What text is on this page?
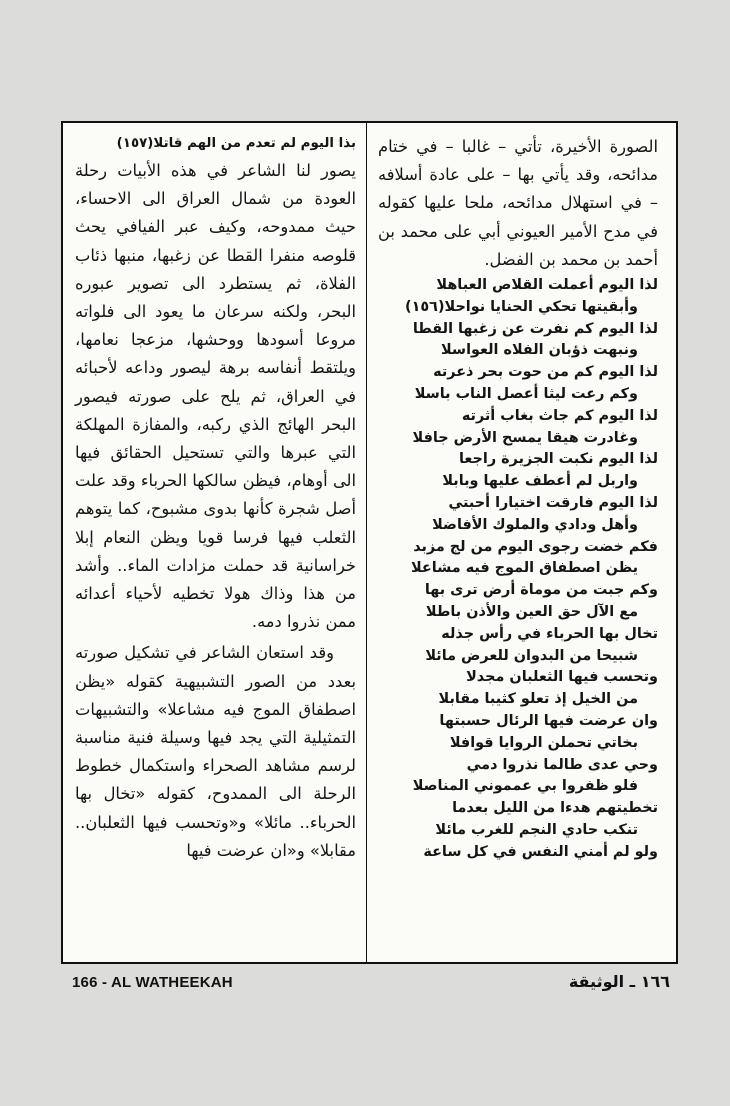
الصورة الأخيرة، تأتي – غالبا – في ختام مدائحه، وقد يأتي بها – على عادة أسلافه – في استهلال مدائحه، ملحا عليها كقوله في مدح الأمير العيوني أبي على محمد بن أحمد بن محمد بن الفضل.

لذا اليوم أعملت القلاص العباهلا

وأبقيتها تحكي الحنايا نواحلا(١٥٦)

لذا اليوم كم نفرت عن زغبها القطا

ونبهت ذؤبان الفلاه العواسلا

لذا اليوم كم من حوت بحر ذعرته

وكم رعت ليثا أعصل الناب باسلا

لذا اليوم كم جاث بغاب أثرته

وغادرت هيقا يمسح الأرض جافلا

لذا اليوم نكبت الجزيرة راجعا

واربل لم أعطف عليها وبابلا

لذا اليوم فارقت اختيارا أحبتي

وأهل ودادي والملوك الأفاضلا

فكم خضت رجوى اليوم من لج مزبد

يظن اصطفاق الموج فيه مشاعلا

وكم جبت من موماة أرض ترى بها

مع الآل حق العين والأذن باطلا

تخال بها الحرباء في رأس جذله

شبيحا من البدوان للعرض مائلا

وتحسب فيها الثعلبان مجدلا

من الخيل إذ تعلو كثيبا مقابلا

وان عرضت فيها الرئال حسبتها

بخاتي تحملن الروايا قوافلا

وحي عدى طالما نذروا دمي

فلو ظفروا بي عمموني المناصلا

تخطيتهم هدءا من الليل بعدما

تنكب حادي النجم للغرب مائلا

ولو لم أمني النفس في كل ساعة

بذا اليوم لم تعدم من الهم قاتلا(١٥٧)

يصور لنا الشاعر في هذه الأبيات رحلة العودة من شمال العراق الى الاحساء، حيث ممدوحه، وكيف عبر الفيافي يحث قلوصه منفرا القطا عن زغبها، منبها ذئاب الفلاة، ثم يستطرد الى تصوير عبوره البحر، ولكنه سرعان ما يعود الى فلواته مروعا أسودها ووحشها، مزعجا نعامها، ويلتقط أنفاسه برهة ليصور وداعه لأحبائه في العراق، ثم يلح على صورته فيصور البحر الهائج الذي ركبه، والمفازة المهلكة التي عبرها والتي تستحيل الحقائق فيها الى أوهام، فيظن سالكها الحرباء وقد علت أصل شجرة كأنها بدوى مشبوح، كما يتوهم الثعلب فيها فرسا قويا ويظن النعام إبلا خراسانية قد حملت مزادات الماء.. وأشد من هذا وذاك هولا تخطيه لأحياء أعدائه ممن نذروا دمه.

وقد استعان الشاعر في تشكيل صورته بعدد من الصور التشبيهية كقوله «يظن اصطفاق الموج فيه مشاعلا» والتشبيهات التمثيلية التي يجد فيها وسيلة فنية مناسبة لرسم مشاهد الصحراء واستكمال خطوط الرحلة الى الممدوح، كقوله «تخال بها الحرباء.. مائلا» و«وتحسب فيها الثعلبان.. مقابلا» و«ان عرضت فيها

166 - AL WATHEEKAH	١٦٦ ـ الوثيقة
